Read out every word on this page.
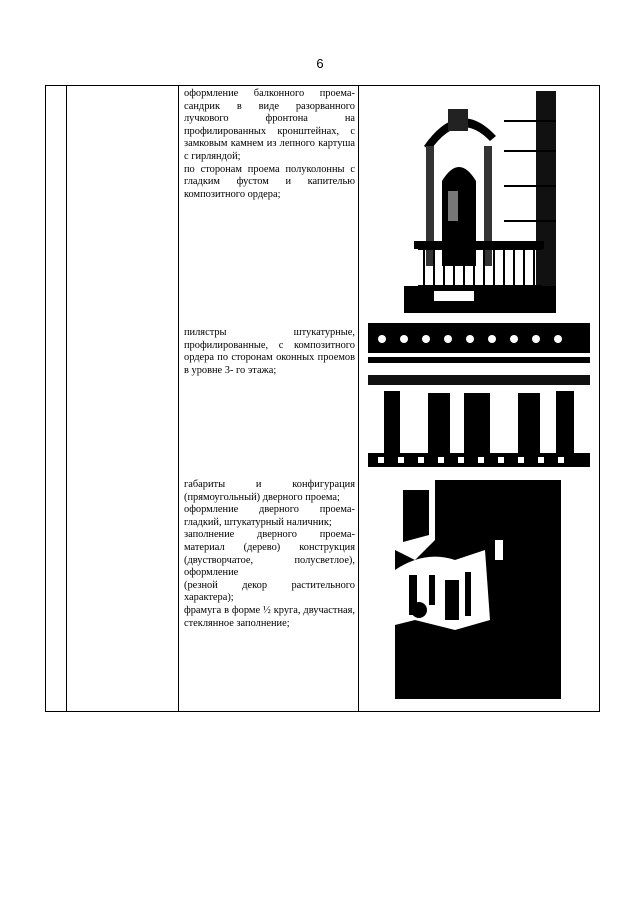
6

оформление балконного проема-сандрик в виде разорванного лучкового фронтона на профилированных кронштейнах, с замковым камнем из лепного картуша с гирляндой;

по сторонам проема полуколонны с гладким фустом и капителью композитного ордера;

пилястры штукатурные, профилированные, с композитного ордера по сторонам оконных проемов в уровне 3- го этажа;

габариты и конфигурация (прямоугольный) дверного проема;

оформление дверного проема-гладкий, штукатурный наличник;

заполнение дверного проема-материал (дерево) конструкция (двустворчатое, полусветлое), оформление

(резной декор растительного характера);

фрамуга в форме ½ круга, двучастная, стеклянное заполнение;
